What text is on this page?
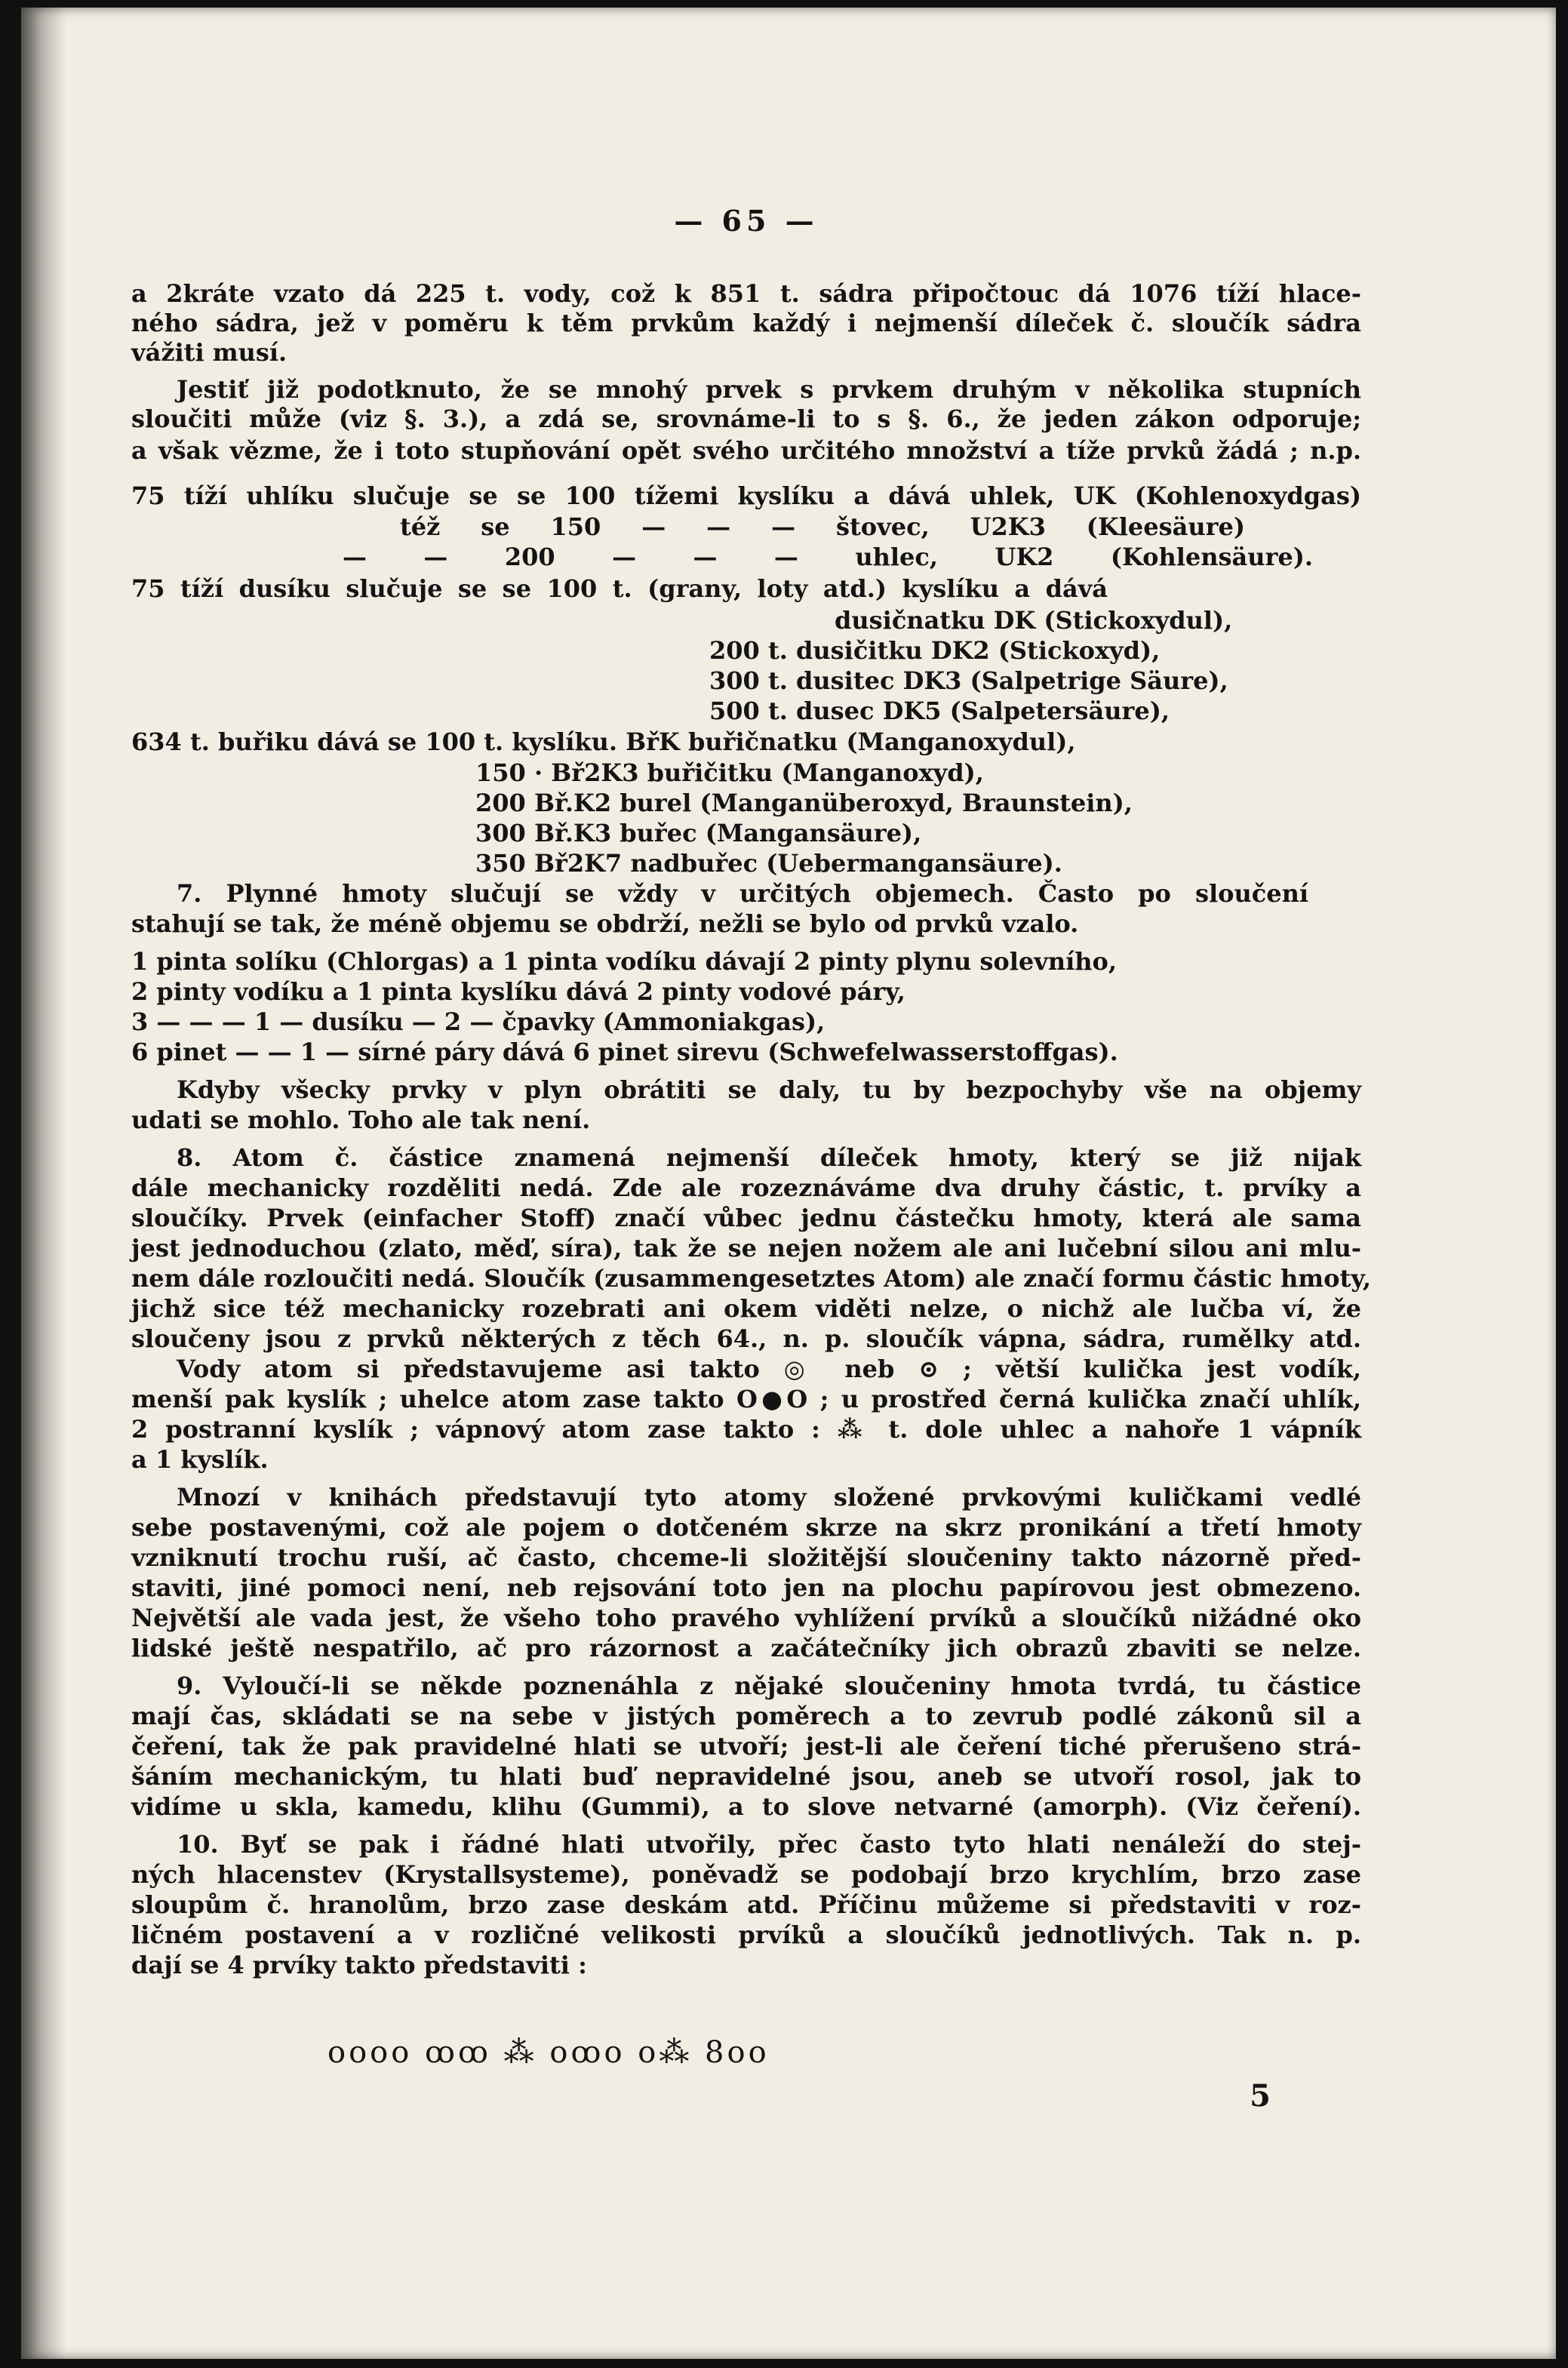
— 65 —
a 2kráte vzato dá 225 t. vody, což k 851 t. sádra připočtouc dá 1076 tíží hlace-
ného sádra, jež v poměru k těm prvkům každý i nejmenší díleček č. sloučík sádra
vážiti musí.
Jestiť již podotknuto, že se mnohý prvek s prvkem druhým v několika stupních
sloučiti může (viz §. 3.), a zdá se, srovnáme-li to s §. 6., že jeden zákon odporuje;
a však vězme, že i toto stupňování opět svého určitého množství a tíže prvků žádá ; n.p.
75 tíží uhlíku slučuje se se 100 tížemi kyslíku a dává uhlek, UK (Kohlenoxydgas)
též se 150 — — — štovec, U2K3 (Kleesäure)
— — 200 — — — uhlec, UK2 (Kohlensäure).
75 tíží dusíku slučuje se se 100 t. (grany, loty atd.) kyslíku a dává
dusičnatku DK (Stickoxydul),
200 t. dusičitku DK2 (Stickoxyd),
300 t. dusitec DK3 (Salpetrige Säure),
500 t. dusec DK5 (Salpetersäure),
634 t. buřiku dává se 100 t. kyslíku. BřK buřičnatku (Manganoxydul),
150 · Bř2K3 buřičitku (Manganoxyd),
200 Bř.K2 burel (Manganüberoxyd, Braunstein),
300 Bř.K3 buřec (Mangansäure),
350 Bř2K7 nadbuřec (Uebermangansäure).
7. Plynné hmoty slučují se vždy v určitých objemech. Často po sloučení
stahují se tak, že méně objemu se obdrží, nežli se bylo od prvků vzalo.
1 pinta solíku (Chlorgas) a 1 pinta vodíku dávají 2 pinty plynu solevního,
2 pinty vodíku a 1 pinta kyslíku dává 2 pinty vodové páry,
3 — — — 1 — dusíku — 2 — čpavky (Ammoniakgas),
6 pinet — — 1 — sírné páry dává 6 pinet sirevu (Schwefelwasserstoffgas).
Kdyby všecky prvky v plyn obrátiti se daly, tu by bezpochyby vše na objemy
udati se mohlo. Toho ale tak není.
8. Atom č. částice znamená nejmenší díleček hmoty, který se již nijak
dále mechanicky rozděliti nedá. Zde ale rozeznáváme dva druhy částic, t. prvíky a
sloučíky. Prvek (einfacher Stoff) značí vůbec jednu částečku hmoty, která ale sama
jest jednoduchou (zlato, měď, síra), tak že se nejen nožem ale ani lučební silou ani mlu-
nem dále rozloučiti nedá. Sloučík (zusammengesetztes Atom) ale značí formu částic hmoty,
jichž sice též mechanicky rozebrati ani okem viděti nelze, o nichž ale lučba ví, že
sloučeny jsou z prvků některých z těch 64., n. p. sloučík vápna, sádra, rumělky atd.
Vody atom si představujeme asi takto ◎ neb ⊙ ; větší kulička jest vodík,
menší pak kyslík ; uhelce atom zase takto O●O ; u prostřed černá kulička značí uhlík,
2 postranní kyslík ; vápnový atom zase takto : ⁂ t. dole uhlec a nahoře 1 vápník
a 1 kyslík.
Mnozí v knihách představují tyto atomy složené prvkovými kuličkami vedlé
sebe postavenými, což ale pojem o dotčeném skrze na skrz pronikání a třetí hmoty
vzniknutí trochu ruší, ač často, chceme-li složitější sloučeniny takto názorně před-
staviti, jiné pomoci není, neb rejsování toto jen na plochu papírovou jest obmezeno.
Největší ale vada jest, že všeho toho pravého vyhlížení prvíků a sloučíků nižádné oko
lidské ještě nespatřilo, ač pro rázornost a začátečníky jich obrazů zbaviti se nelze.
9. Vyloučí-li se někde poznenáhla z nějaké sloučeniny hmota tvrdá, tu částice
mají čas, skládati se na sebe v jistých poměrech a to zevrub podlé zákonů sil a
čeření, tak že pak pravidelné hlati se utvoří; jest-li ale čeření tiché přerušeno strá-
šáním mechanickým, tu hlati buď nepravidelné jsou, aneb se utvoří rosol, jak to
vidíme u skla, kamedu, klihu (Gummi), a to slove netvarné (amorph). (Viz čeření).
10. Byť se pak i řádné hlati utvořily, přec často tyto hlati nenáleží do stej-
ných hlacenstev (Krystallsysteme), poněvadž se podobají brzo krychlím, brzo zase
sloupům č. hranolům, brzo zase deskám atd. Příčinu můžeme si představiti v roz-
ličném postavení a v rozličné velikosti prvíků a sloučíků jednotlivých. Tak n. p.
dají se 4 prvíky takto představiti :
oooo ꝏꝏ ⁂ oꝏo o⁂ 8oo
5
